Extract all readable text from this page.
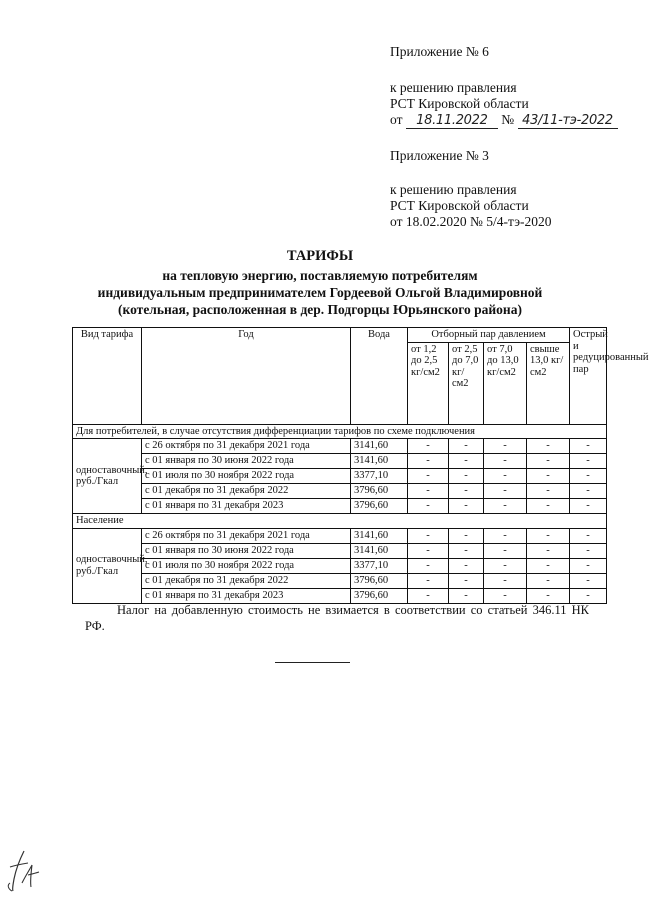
Приложение № 6
к решению правления
РСТ Кировской области
от 18.11.2022 № 43/11-тэ-2022
Приложение № 3
к решению правления
РСТ Кировской области
от 18.02.2020 № 5/4-тэ-2020
ТАРИФЫ
на тепловую энергию, поставляемую потребителям
индивидуальным предпринимателем Гордеевой Ольгой Владимировной
(котельная, расположенная в дер. Подгорцы Юрьянского района)
Вид тарифа	Год	Вода	Отборный пар давлением				Острый и редуцированный пар
			от 1,2 до 2,5 кг/см2	от 2,5 до 7,0 кг/см2	от 7,0 до 13,0 кг/см2	свыше 13,0 кг/см2	
Для потребителей, в случае отсутствия дифференциации тарифов по схеме подключения							
одноставочный, руб./Гкал	с 26 октября по 31 декабря 2021 года	3141,60	-	-	-	-	-
	с 01 января по 30 июня 2022 года	3141,60	-	-	-	-	-
	с 01 июля по 30 ноября 2022 года	3377,10	-	-	-	-	-
	с 01 декабря по 31 декабря 2022	3796,60	-	-	-	-	-
	с 01 января по 31 декабря 2023	3796,60	-	-	-	-	-
Население							
одноставочный, руб./Гкал	с 26 октября по 31 декабря 2021 года	3141,60	-	-	-	-	-
	с 01 января по 30 июня 2022 года	3141,60	-	-	-	-	-
	с 01 июля по 30 ноября 2022 года	3377,10	-	-	-	-	-
	с 01 декабря по 31 декабря 2022	3796,60	-	-	-	-	-
	с 01 января по 31 декабря 2023	3796,60	-	-	-	-	-
Налог на добавленную стоимость не взимается в соответствии со статьей 346.11 НК РФ.
